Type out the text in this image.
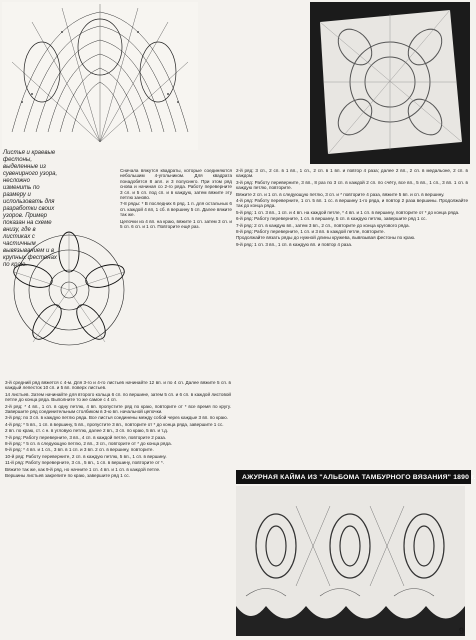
Листья и краевые фестоны, выделенные из сувенирного узора, несложно изменить по размеру и использовать для разработки своих узоров. Пример показан на схеме внизу, где в листиках с частичным вывязыванием и в крупных фестонах по краю.

Сначала вяжутся квадраты, которые соединяются небольшим 4-угольником. Для квадрата понадобятся 8 апл. и 3 полусинго. При этом ряд снова и начиная со 2-го ряда. Работу переверните 3 сл. и 5 сп. под сп. и в каждую, затем вяжите эту петлю заново.

7-8 ряды: * В последних 6 ряд. 1 п. для остальных 6 сп. каждой 4 вп, 1 сб. в вершину 5 сп. Далее вяжите так же.

Цепочки из 4 вп. на краю, вяжите 1 сп. затем 3 сп. и 5 сп. 6 сп. и 1 сп. Повторите ещё раз.

3-й средний ряд вяжется с 4-м. Для 3-го и 4-го листьев начинайте 12 вп. и по 4 сп. Далее вяжите 5 сп. в каждый лепесток 10 сп. и 5 вп. поверх листьев.

14 листьев. Затем начинайте для второго кольца 6 сп. по вершине, затем 5 сп. и 6 сп. в каждой листовой петле до конца ряда. Выполните то же самое с 4 сп.

2-й ряд: * 4 вп., 1 сп. в одну петлю, 4 вп. пропустите ряд по краю, повторите от * все время по кругу. Завершите ряд соединительным столбиком в 3-ю вп. начальной цепочки.

3-й ряд: по 3 сп. в каждую петлю ряда. Все листья соединены между собой через каждые 3 вп. по краю.

4-й ряд: * 5 вп., 1 сп. в вершину, 5 вп., пропустите 3 вп., повторите от * до конца ряда, завершите 1 сс.

2 вп. по краю, ст. с н. в угловую петлю, далее 2 вп., 3 сп. по краю, 5 вп. и т.д.

7-й ряд: Работу переверните, 3 вп., 4 сп. в каждой петле, повторите 2 раза.

8-й ряд: * 5 сп. в следующую петлю, 2 вп., 3 сп., повторите от * до конца ряда.

9-й ряд: * 4 вп. и 1 сп., 3 вп. в 1 сп. и 3 вп. 2 сп. в вершину, повторите.

10-й ряд: Работу переверните, 2 сп. в каждую петлю, 5 вп., 1 сп. в вершину.

11-й ряд: Работу переверните, 3 сп., 5 вп., 1 сп. в вершину, повторите от *.

Вяжите так же, как 9-й ряд, но начните 1 сп. 4 вп. и 1 сп. в каждой петле.

Вершины листьев закрепите по краю, завершите ряд 1 сс.

2-й ряд: 3 сп., 2 сп. в 1 вп., 1 сп., 2 сп. в 1 вп. и повтор 4 раза; далее 2 вп., 2 сп. в медальоне, 2 сп. в каждом.

3-й ряд: Работу переверните, 3 вп., 8 раз по 3 сп. в каждой 2 сп. по счёту, все вп., 5 вп., 1 сп., 3 вп. 1 сп. в каждую петлю, повторите.

Вяжите 2 сп. и 1 сп. в следующую петлю, 3 сп. и * повторите 4 раза, вяжите 5 вп. и сп. в вершину.

4-й ряд: Работу переверните, 1 сп. 5 вп. 1 сс. в вершину 1-го ряда, и повтор 2 раза вершины. Продолжайте так до конца ряда.

5-й ряд: 1 сп. 3 вп., 1 сп. и 4 вп. на каждой петле, * 4 вп. и 1 сп. в вершину, повторите от * до конца ряда.

6-й ряд: Работу переверните, 1 сп. в вершину, 5 сп. в каждую петлю, завершите ряд 1 сс.

7-й ряд: 2 сп. в каждую вп., затем 3 вп., 2 сп., повторите до конца кругового ряда.

8-й ряд: Работу переверните, 1 сп. и 3 вп. в каждой петле, повторите.

Продолжайте вязать ряды до нужной длины кружева, вывязывая фестоны по краю.

9-й ряд: 1 сп. 3 вп., 1 сп. в каждую вп. и повтор 4 раза.

АЖУРНАЯ КАЙМА ИЗ "АЛЬБОМА ТАМБУРНОГО ВЯЗАНИЯ" 1890 г.
9
